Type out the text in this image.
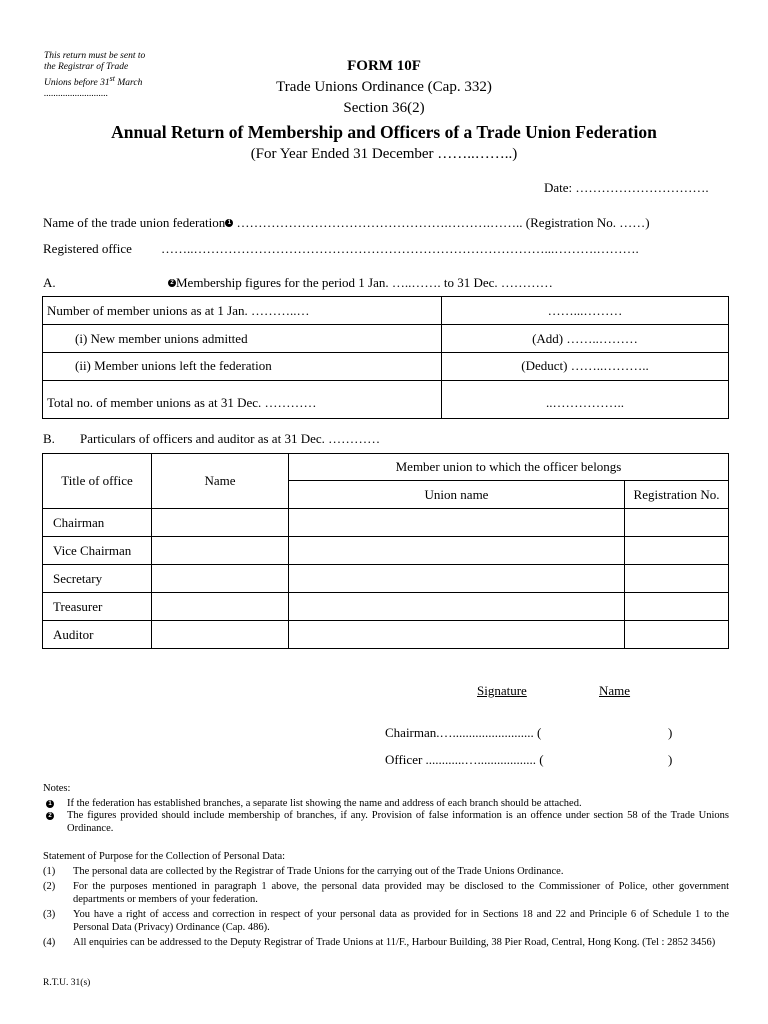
This return must be sent to
the Registrar of Trade
Unions before 31st March
...........................
FORM 10F
Trade Unions Ordinance (Cap. 332)
Section 36(2)
Annual Return of Membership and Officers of a Trade Union Federation
(For Year Ended 31 December ……..……..)
Date: ………………………….
Name of the trade union federation 1 ………………………………………….……….…….. (Registration No. ……)
Registered office ……..………………………………………………………………………...……….……….
A.	2 Membership figures for the period 1 Jan. …..……. to 31 Dec. …………
Number of member unions as at 1 Jan. ………..…	……...………
(i) New member unions admitted	(Add) ……..………
(ii) Member unions left the federation	(Deduct) ……..………..
Total no. of member unions as at 31 Dec. …………	..……………..
B. Particulars of officers and auditor as at 31 Dec. …………
Title of office	Name	Member union to which the officer belongs	
		Union name	Registration No.
Chairman			
Vice Chairman			
Secretary			
Treasurer			
Auditor			
Signature	Name
Chairman.…......................... (	)
Officer ............….................. (	)
Notes:
1 If the federation has established branches, a separate list showing the name and address of each branch should be attached.
2 The figures provided should include membership of branches, if any. Provision of false information is an offence under section 58 of the Trade Unions Ordinance.
Statement of Purpose for the Collection of Personal Data:
(1) The personal data are collected by the Registrar of Trade Unions for the carrying out of the Trade Unions Ordinance.
(2) For the purposes mentioned in paragraph 1 above, the personal data provided may be disclosed to the Commissioner of Police, other government departments or members of your federation.
(3) You have a right of access and correction in respect of your personal data as provided for in Sections 18 and 22 and Principle 6 of Schedule 1 to the Personal Data (Privacy) Ordinance (Cap. 486).
(4) All enquiries can be addressed to the Deputy Registrar of Trade Unions at 11/F., Harbour Building, 38 Pier Road, Central, Hong Kong. (Tel : 2852 3456)
R.T.U. 31(s)
